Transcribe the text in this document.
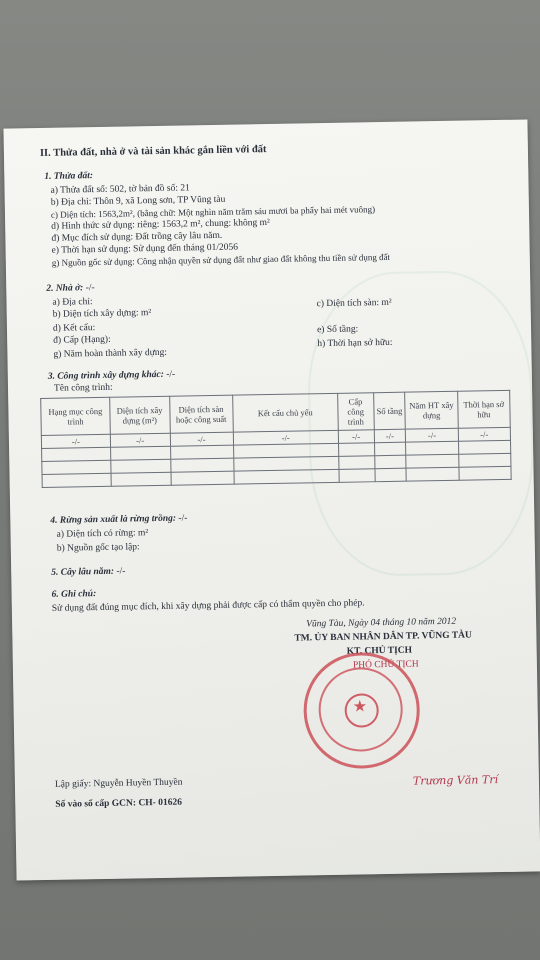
II. Thửa đất, nhà ở và tài sản khác gắn liền với đất
1. Thửa đất:
a) Thửa đất số: 502, tờ bản đồ số: 21
b) Địa chỉ: Thôn 9, xã Long sơn, TP Vũng tàu
c) Diện tích: 1563,2m², (bằng chữ: Một nghìn năm trăm sáu mươi ba phẩy hai mét vuông)
d) Hình thức sử dụng: riêng: 1563,2 m², chung: không m²
đ) Mục đích sử dụng: Đất trồng cây lâu năm.
e) Thời hạn sử dụng: Sử dụng đến tháng 01/2056
g) Nguồn gốc sử dụng: Công nhận quyền sử dụng đất như giao đất không thu tiền sử dụng đất
2. Nhà ở: -/-
a) Địa chỉ:
b) Diện tích xây dựng: m²
c) Diện tích sàn: m²
d) Kết cấu:	e) Số tầng:
đ) Cấp (Hạng):	h) Thời hạn sở hữu:
g) Năm hoàn thành xây dựng:
3. Công trình xây dựng khác: -/-
Tên công trình:
Hạng mục công trình	Diện tích xây dựng (m²)	Diện tích sàn hoặc công suất	Kết cấu chủ yếu	Cấp công trình	Số tầng	Năm HT xây dựng	Thời hạn sở hữu
-/-	-/-	-/-	-/-	-/-	-/-	-/-	-/-

4. Rừng sản xuất là rừng trồng: -/-
a) Diện tích có rừng: m²
b) Nguồn gốc tạo lập:
5. Cây lâu năm: -/-
6. Ghi chú:
Sử dụng đất đúng mục đích, khi xây dựng phải được cấp có thẩm quyền cho phép.
Vũng Tàu, Ngày 04 tháng 10 năm 2012
TM. ỦY BAN NHÂN DÂN TP. VŨNG TÀU
KT. CHỦ TỊCH
PHÓ CHỦ TỊCH
★
Trương Văn Trí
Lập giấy: Nguyễn Huyền Thuyền
Số vào sổ cấp GCN: CH- 01626
